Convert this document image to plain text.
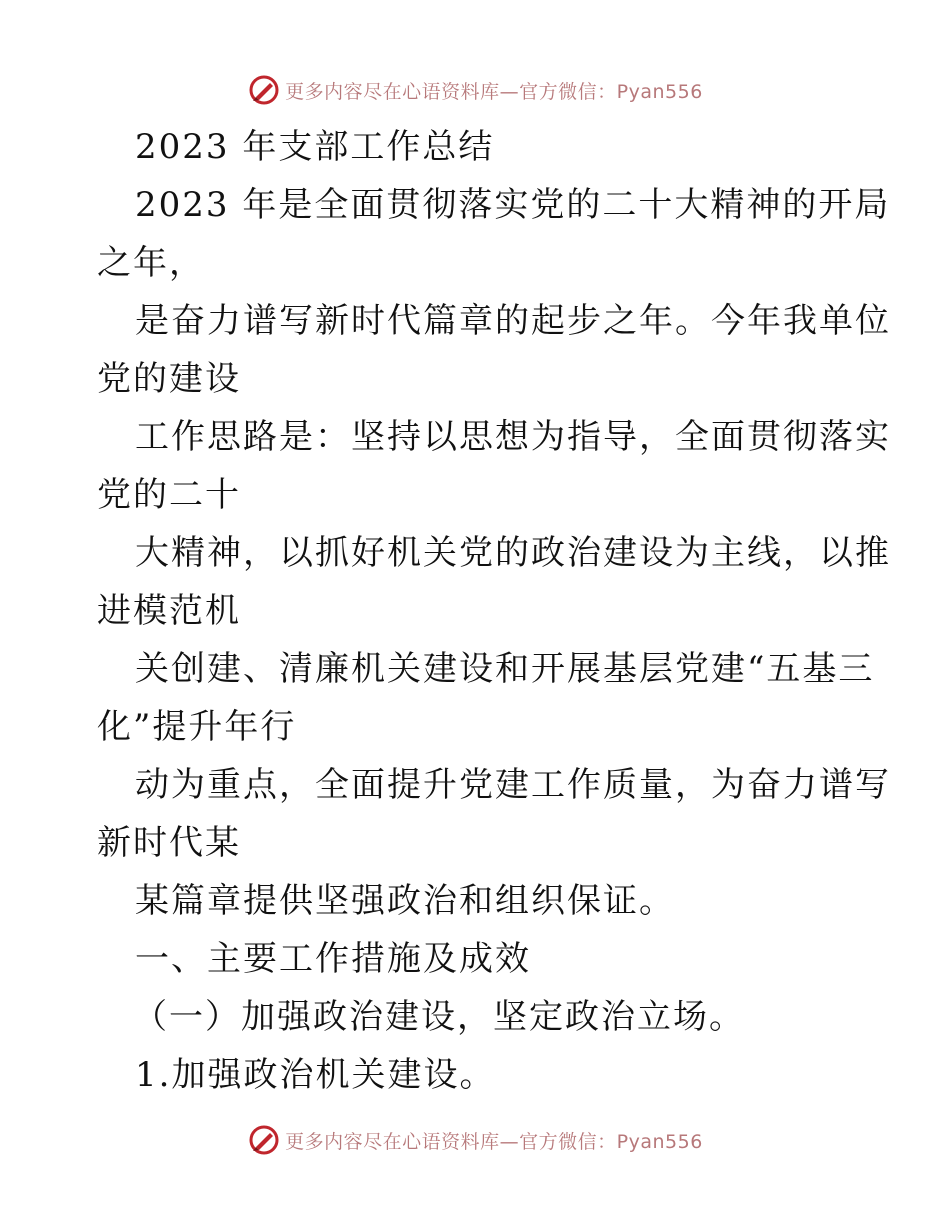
更多内容尽在心语资料库—官方微信：Pyan556
2023 年支部工作总结
2023 年是全面贯彻落实党的二十大精神的开局
之年，
是奋力谱写新时代篇章的起步之年。今年我单位
党的建设
工作思路是：坚持以思想为指导，全面贯彻落实
党的二十
大精神，以抓好机关党的政治建设为主线，以推
进模范机
关创建、清廉机关建设和开展基层党建“五基三
化”提升年行
动为重点，全面提升党建工作质量，为奋力谱写
新时代某
某篇章提供坚强政治和组织保证。
一、主要工作措施及成效
（一）加强政治建设，坚定政治立场。
1.加强政治机关建设。
更多内容尽在心语资料库—官方微信：Pyan556
